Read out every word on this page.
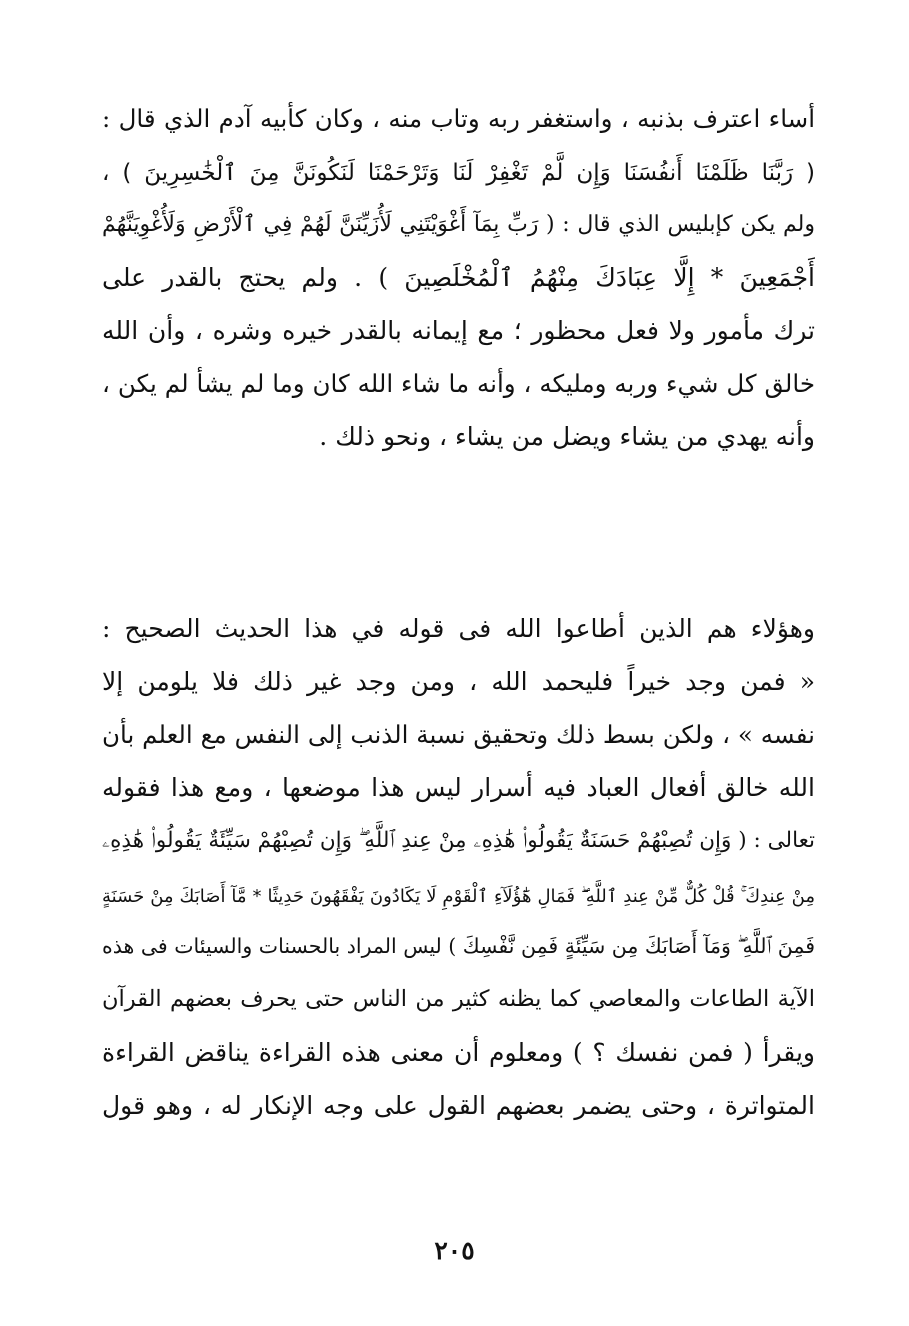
أساء اعترف بذنبه ، واستغفر ربه وتاب منه ، وكان كأبيه آدم الذي قال :
( رَبَّنَا ظَلَمْنَا أَنفُسَنَا وَإِن لَّمْ تَغْفِرْ لَنَا وَتَرْحَمْنَا لَنَكُونَنَّ مِنَ ٱلْخَٰسِرِينَ ) ،
ولم يكن كإبليس الذي قال : ( رَبِّ بِمَآ أَغْوَيْتَنِي لَأُزَيِّنَنَّ لَهُمْ فِي ٱلْأَرْضِ وَلَأُغْوِيَنَّهُمْ
أَجْمَعِينَ * إِلَّا عِبَادَكَ مِنْهُمُ ٱلْمُخْلَصِينَ ) . ولم يحتج بالقدر على
ترك مأمور ولا فعل محظور ؛ مع إيمانه بالقدر خيره وشره ، وأن الله
خالق كل شيء وربه ومليكه ، وأنه ما شاء الله كان وما لم يشأ لم يكن ،
وأنه يهدي من يشاء ويضل من يشاء ، ونحو ذلك .
وهؤلاء هم الذين أطاعوا الله فى قوله في هذا الحديث الصحيح :
« فمن وجد خيراً فليحمد الله ، ومن وجد غير ذلك فلا يلومن إلا
نفسه » ، ولكن بسط ذلك وتحقيق نسبة الذنب إلى النفس مع العلم بأن
الله خالق أفعال العباد فيه أسرار ليس هذا موضعها ، ومع هذا فقوله
تعالى : ( وَإِن تُصِبْهُمْ حَسَنَةٌ يَقُولُوا۟ هَٰذِهِۦ مِنْ عِندِ ٱللَّهِ ۖ وَإِن تُصِبْهُمْ سَيِّئَةٌ يَقُولُوا۟ هَٰذِهِۦ
مِنْ عِندِكَ ۚ قُلْ كُلٌّ مِّنْ عِندِ ٱللَّهِ ۖ فَمَالِ هَٰٓؤُلَآءِ ٱلْقَوْمِ لَا يَكَادُونَ يَفْقَهُونَ حَدِيثًا * مَّآ أَصَابَكَ مِنْ حَسَنَةٍ
فَمِنَ ٱللَّهِ ۖ وَمَآ أَصَابَكَ مِن سَيِّئَةٍ فَمِن نَّفْسِكَ ) ليس المراد بالحسنات والسيئات فى هذه
الآية الطاعات والمعاصي كما يظنه كثير من الناس حتى يحرف بعضهم القرآن
ويقرأ ( فمن نفسك ؟ ) ومعلوم أن معنى هذه القراءة يناقض القراءة
المتواترة ، وحتى يضمر بعضهم القول على وجه الإنكار له ، وهو قول
٢٠٥
